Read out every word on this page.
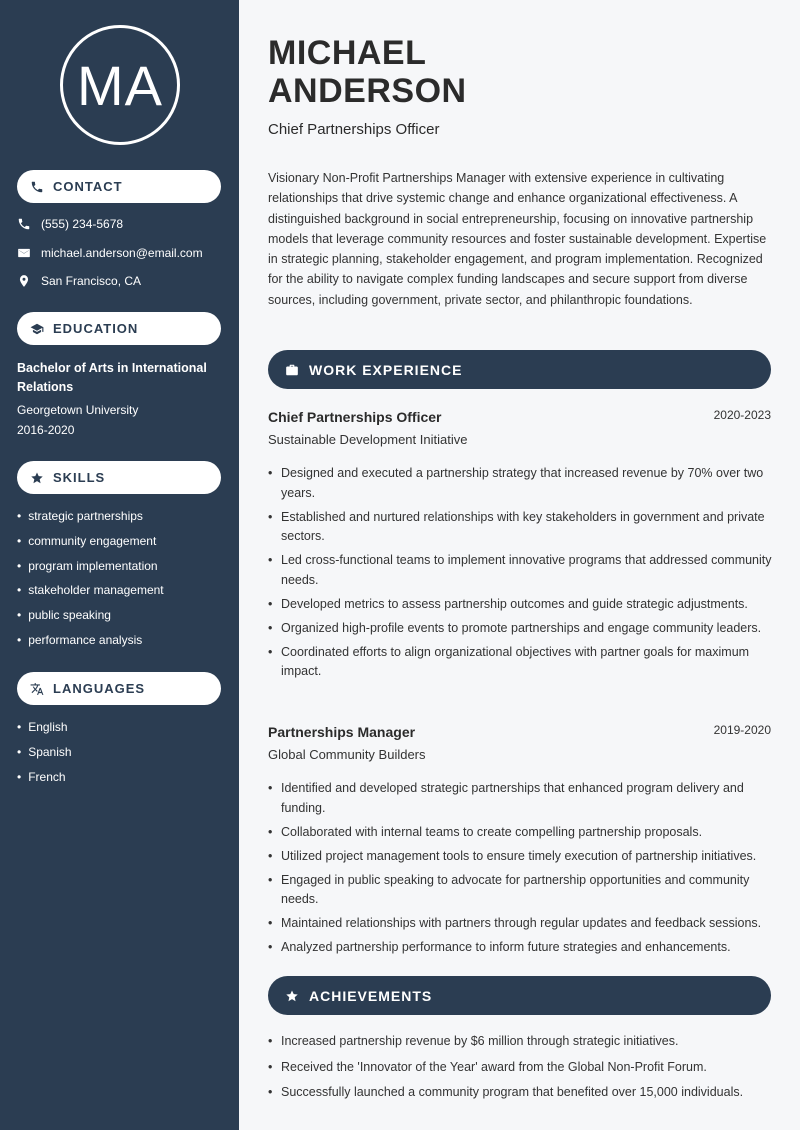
MA
CONTACT
(555) 234-5678
michael.anderson@email.com
San Francisco, CA
EDUCATION
Bachelor of Arts in International Relations
Georgetown University
2016-2020
SKILLS
• strategic partnerships
• community engagement
• program implementation
• stakeholder management
• public speaking
• performance analysis
LANGUAGES
• English
• Spanish
• French
MICHAEL
ANDERSON
Chief Partnerships Officer

Visionary Non-Profit Partnerships Manager with extensive experience in cultivating relationships that drive systemic change and enhance organizational effectiveness. A distinguished background in social entrepreneurship, focusing on innovative partnership models that leverage community resources and foster sustainable development. Expertise in strategic planning, stakeholder engagement, and program implementation. Recognized for the ability to navigate complex funding landscapes and secure support from diverse sources, including government, private sector, and philanthropic foundations.

WORK EXPERIENCE
Chief Partnerships Officer	2020-2023
Sustainable Development Initiative
• Designed and executed a partnership strategy that increased revenue by 70% over two years.
• Established and nurtured relationships with key stakeholders in government and private sectors.
• Led cross-functional teams to implement innovative programs that addressed community needs.
• Developed metrics to assess partnership outcomes and guide strategic adjustments.
• Organized high-profile events to promote partnerships and engage community leaders.
• Coordinated efforts to align organizational objectives with partner goals for maximum impact.
Partnerships Manager	2019-2020
Global Community Builders
• Identified and developed strategic partnerships that enhanced program delivery and funding.
• Collaborated with internal teams to create compelling partnership proposals.
• Utilized project management tools to ensure timely execution of partnership initiatives.
• Engaged in public speaking to advocate for partnership opportunities and community needs.
• Maintained relationships with partners through regular updates and feedback sessions.
• Analyzed partnership performance to inform future strategies and enhancements.
ACHIEVEMENTS
• Increased partnership revenue by $6 million through strategic initiatives.
• Received the 'Innovator of the Year' award from the Global Non-Profit Forum.
• Successfully launched a community program that benefited over 15,000 individuals.
